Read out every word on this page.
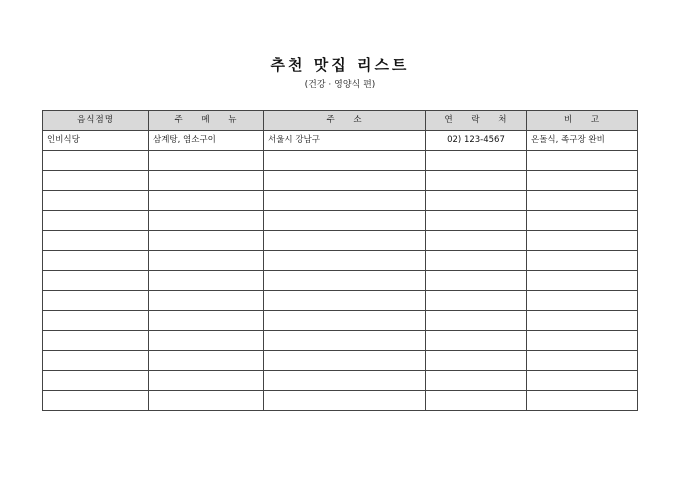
추천 맛집 리스트
(건강 · 영양식 편)
음식점명	주 메 뉴	주 소	연 락 처	비 고
인비식당	삼계탕, 염소구이	서울시 강남구	02) 123-4567	온돌식, 족구장 완비
